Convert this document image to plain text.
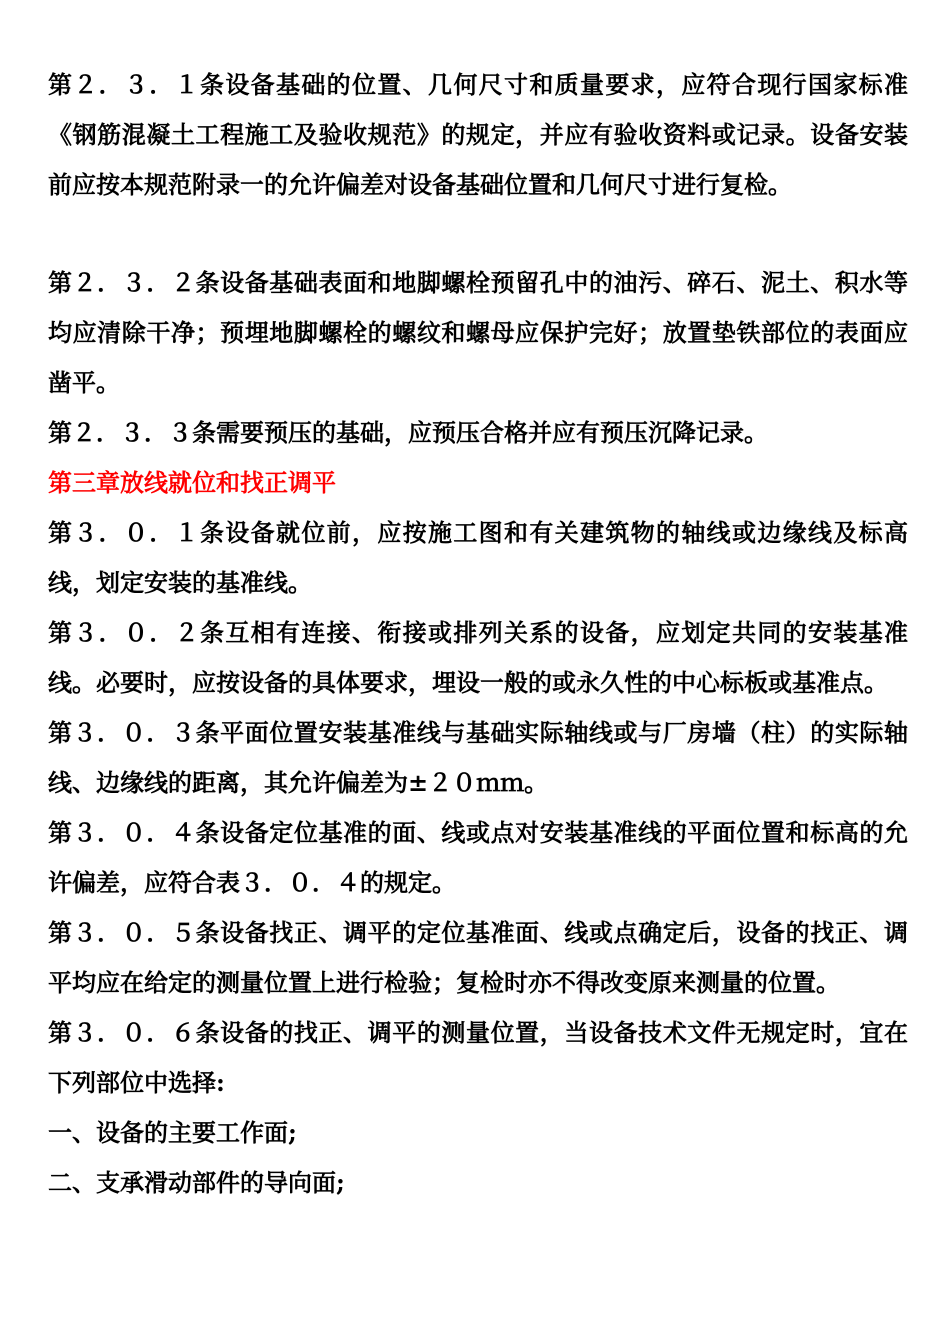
第２．３．１条设备基础的位置、几何尺寸和质量要求，应符合现行国家标准《钢筋混凝土工程施工及验收规范》的规定，并应有验收资料或记录。设备安装前应按本规范附录一的允许偏差对设备基础位置和几何尺寸进行复检。

第２．３．２条设备基础表面和地脚螺栓预留孔中的油污、碎石、泥土、积水等均应清除干净；预埋地脚螺栓的螺纹和螺母应保护完好；放置垫铁部位的表面应凿平。

第２．３．３条需要预压的基础，应预压合格并应有预压沉降记录。

第三章放线就位和找正调平

第３．０．１条设备就位前，应按施工图和有关建筑物的轴线或边缘线及标高线，划定安装的基准线。

第３．０．２条互相有连接、衔接或排列关系的设备，应划定共同的安装基准线。必要时，应按设备的具体要求，埋设一般的或永久性的中心标板或基准点。

第３．０．３条平面位置安装基准线与基础实际轴线或与厂房墙（柱）的实际轴线、边缘线的距离，其允许偏差为±２０ｍｍ。

第３．０．４条设备定位基准的面、线或点对安装基准线的平面位置和标高的允许偏差，应符合表３．０．４的规定。

第３．０．５条设备找正、调平的定位基准面、线或点确定后，设备的找正、调平均应在给定的测量位置上进行检验；复检时亦不得改变原来测量的位置。

第３．０．６条设备的找正、调平的测量位置，当设备技术文件无规定时，宜在下列部位中选择:

一、设备的主要工作面;

二、支承滑动部件的导向面;
